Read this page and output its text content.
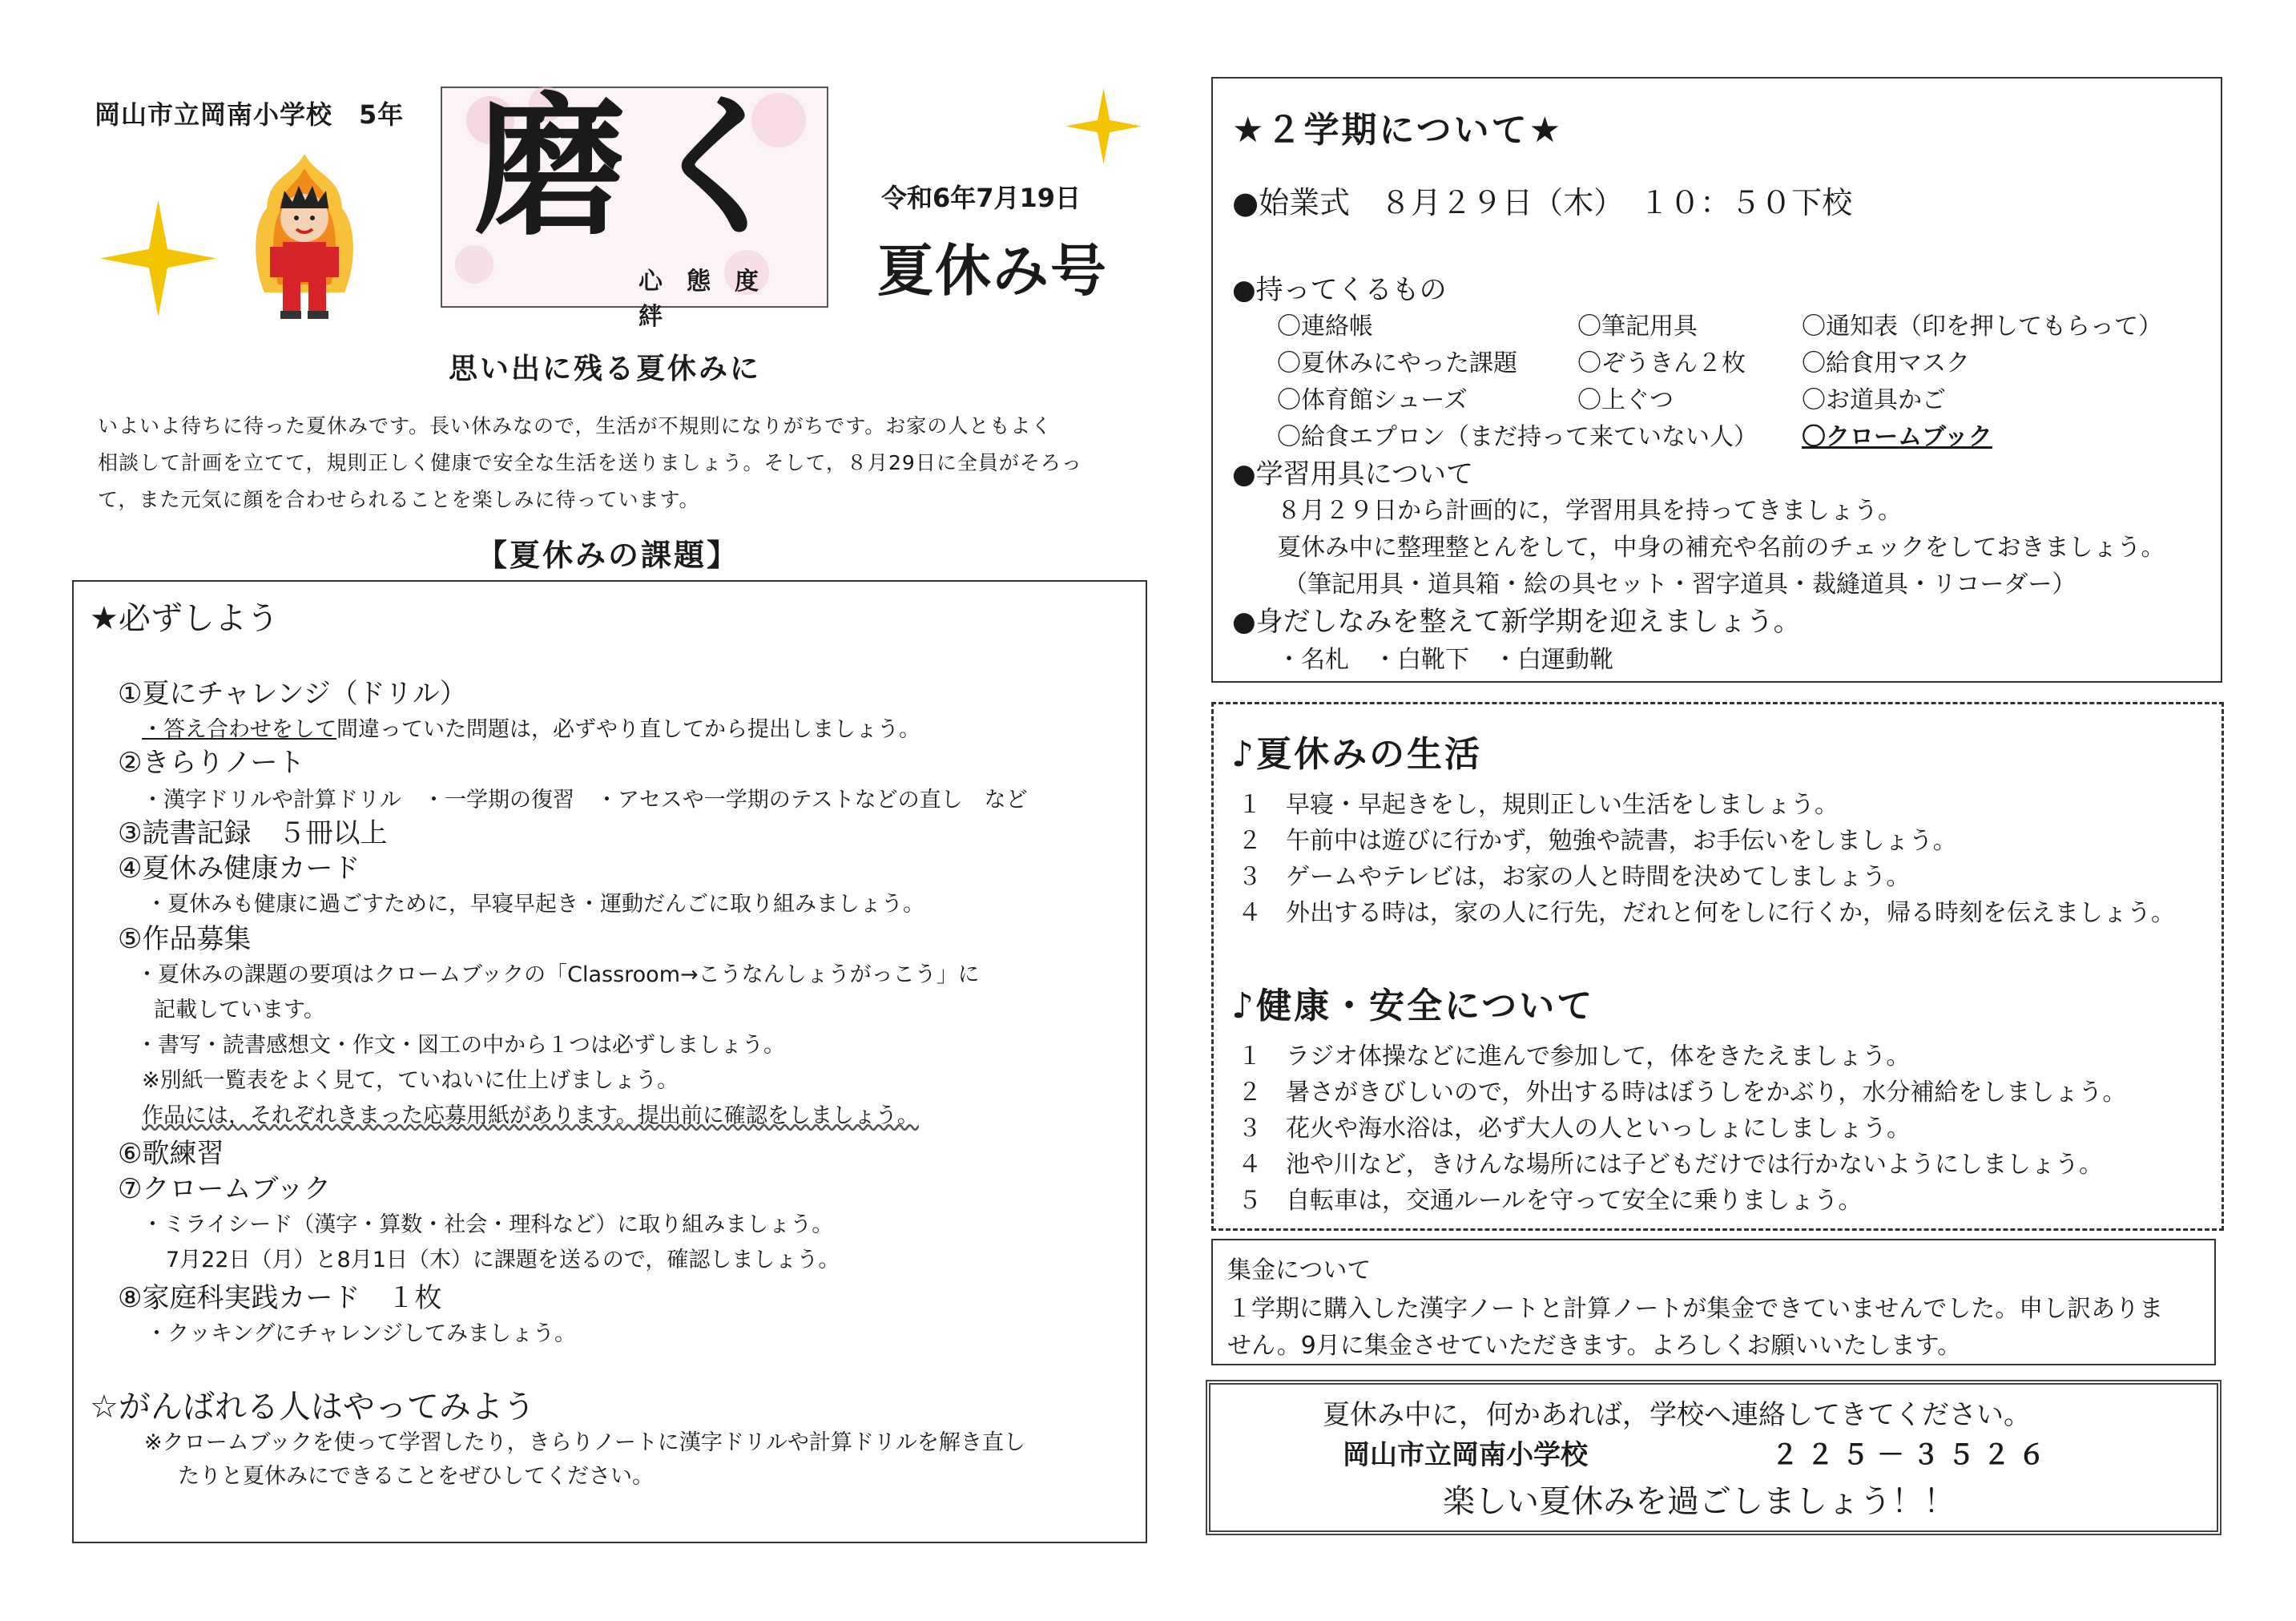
岡山市立岡南小学校　5年 磨く
心態度絆
令和6年7月19日
夏休み号
思い出に残る夏休みに
いよいよ待ちに待った夏休みです。長い休みなので，生活が不規則になりがちです。お家の人ともよく
相談して計画を立てて，規則正しく健康で安全な生活を送りましょう。そして，８月29日に全員がそろっ
て，また元気に顔を合わせられることを楽しみに待っています。
【夏休みの課題】
★必ずしよう
①夏にチャレンジ（ドリル）
・答え合わせをして間違っていた問題は，必ずやり直してから提出しましょう。
②きらりノート
・漢字ドリルや計算ドリル　・一学期の復習　・アセスや一学期のテストなどの直し　など
③読書記録　５冊以上
④夏休み健康カード
・夏休みも健康に過ごすために，早寝早起き・運動だんごに取り組みましょう。
⑤作品募集
・夏休みの課題の要項はクロームブックの「Classroom→こうなんしょうがっこう」に
記載しています。
・書写・読書感想文・作文・図工の中から１つは必ずしましょう。
※別紙一覧表をよく見て，ていねいに仕上げましょう。
作品には，それぞれきまった応募用紙があります。提出前に確認をしましょう。
⑥歌練習
⑦クロームブック
・ミライシード（漢字・算数・社会・理科など）に取り組みましょう。
7月22日（月）と8月1日（木）に課題を送るので，確認しましょう。
⑧家庭科実践カード　１枚
・クッキングにチャレンジしてみましょう。
☆がんばれる人はやってみよう
※クロームブックを使って学習したり，きらりノートに漢字ドリルや計算ドリルを解き直し
たりと夏休みにできることをぜひしてください。
★２学期について★
●始業式　８月２９日（木）　１０：５０下校
●持ってくるもの
〇連絡帳
〇夏休みにやった課題
〇体育館シューズ
〇給食エプロン（まだ持って来ていない人）
〇筆記用具
〇ぞうきん２枚
〇上ぐつ
〇通知表（印を押してもらって）
〇給食用マスク
〇お道具かご
〇クロームブック
●学習用具について
８月２９日から計画的に，学習用具を持ってきましょう。
夏休み中に整理整とんをして，中身の補充や名前のチェックをしておきましょう。
（筆記用具・道具箱・絵の具セット・習字道具・裁縫道具・リコーダー）
●身だしなみを整えて新学期を迎えましょう。
・名札　・白靴下　・白運動靴
♪夏休みの生活
１　早寝・早起きをし，規則正しい生活をしましょう。
２　午前中は遊びに行かず，勉強や読書，お手伝いをしましょう。
３　ゲームやテレビは，お家の人と時間を決めてしましょう。
４　外出する時は，家の人に行先，だれと何をしに行くか，帰る時刻を伝えましょう。
♪健康・安全について
１　ラジオ体操などに進んで参加して，体をきたえましょう。
２　暑さがきびしいので，外出する時はぼうしをかぶり，水分補給をしましょう。
３　花火や海水浴は，必ず大人の人といっしょにしましょう。
４　池や川など，きけんな場所には子どもだけでは行かないようにしましょう。
５　自転車は，交通ルールを守って安全に乗りましょう。
集金について
１学期に購入した漢字ノートと計算ノートが集金できていませんでした。申し訳ありま
せん。9月に集金させていただきます。よろしくお願いいたします。
夏休み中に，何かあれば，学校へ連絡してきてください。
岡山市立岡南小学校	２２５－３５２６
楽しい夏休みを過ごしましょう！！
